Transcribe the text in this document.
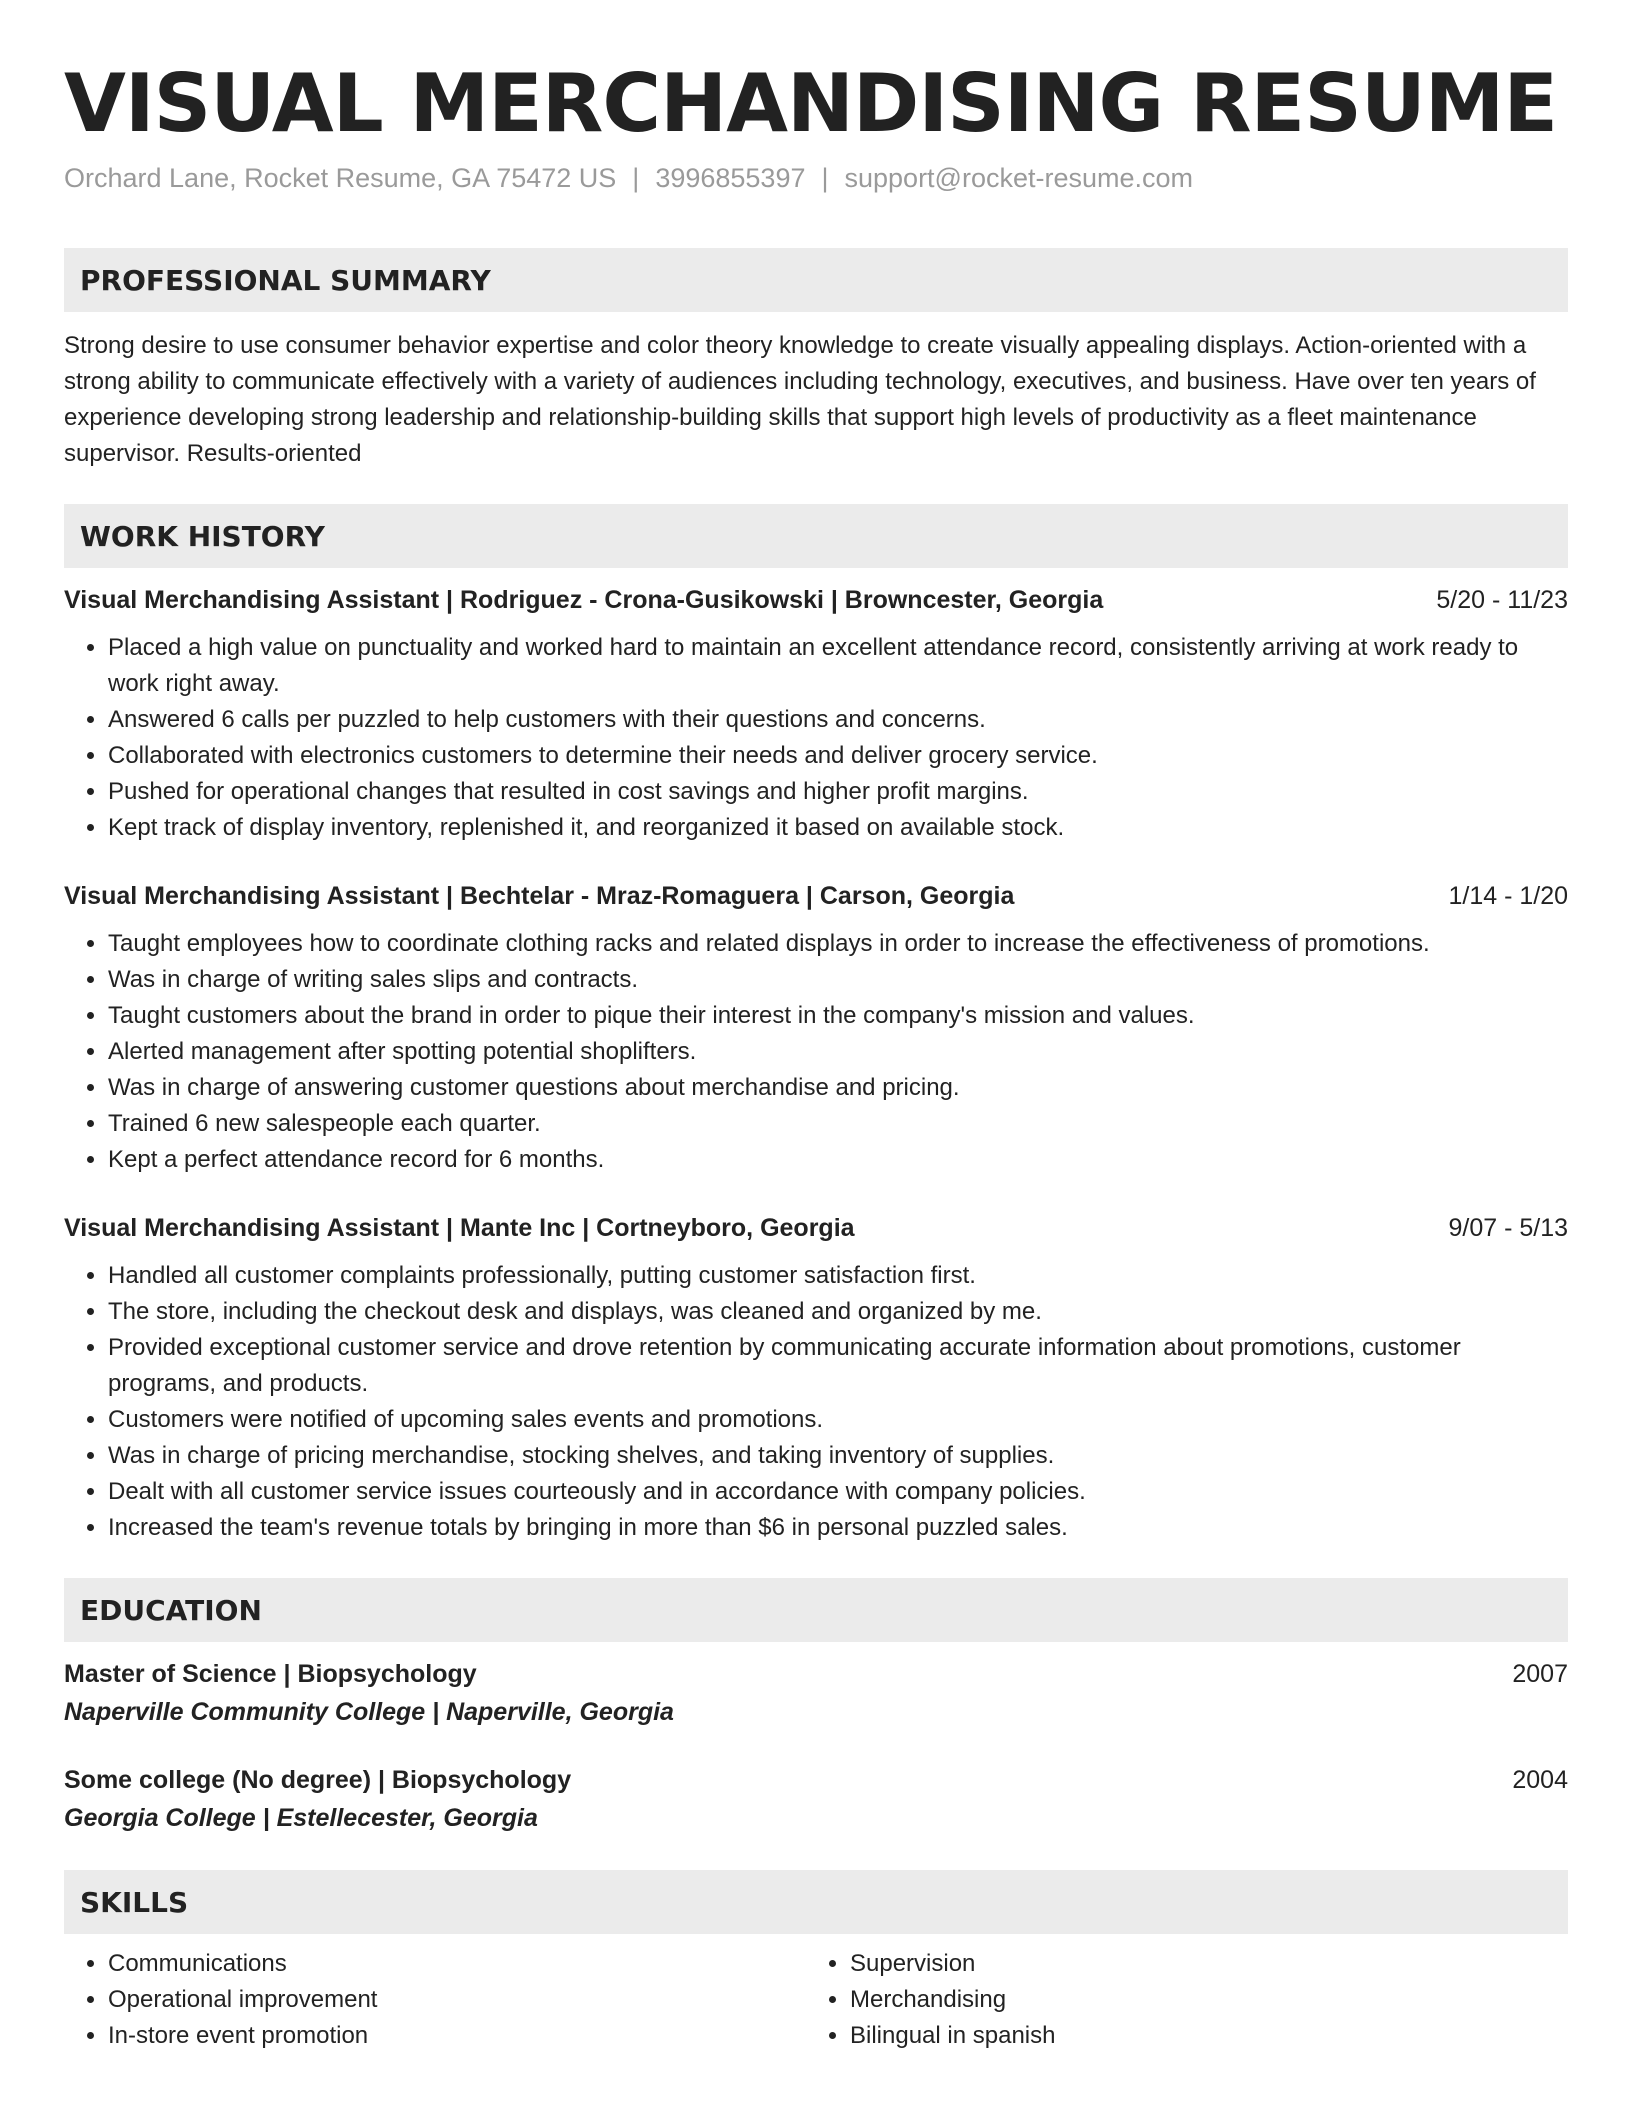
VISUAL MERCHANDISING RESUME
Orchard Lane, Rocket Resume, GA 75472 US | 3996855397 | support@rocket-resume.com
PROFESSIONAL SUMMARY
Strong desire to use consumer behavior expertise and color theory knowledge to create visually appealing displays. Action-oriented with a strong ability to communicate effectively with a variety of audiences including technology, executives, and business. Have over ten years of experience developing strong leadership and relationship-building skills that support high levels of productivity as a fleet maintenance supervisor. Results-oriented
WORK HISTORY
Visual Merchandising Assistant | Rodriguez - Crona-Gusikowski | Browncester, Georgia	5/20 - 11/23
• Placed a high value on punctuality and worked hard to maintain an excellent attendance record, consistently arriving at work ready to work right away.
• Answered 6 calls per puzzled to help customers with their questions and concerns.
• Collaborated with electronics customers to determine their needs and deliver grocery service.
• Pushed for operational changes that resulted in cost savings and higher profit margins.
• Kept track of display inventory, replenished it, and reorganized it based on available stock.
Visual Merchandising Assistant | Bechtelar - Mraz-Romaguera | Carson, Georgia	1/14 - 1/20
• Taught employees how to coordinate clothing racks and related displays in order to increase the effectiveness of promotions.
• Was in charge of writing sales slips and contracts.
• Taught customers about the brand in order to pique their interest in the company's mission and values.
• Alerted management after spotting potential shoplifters.
• Was in charge of answering customer questions about merchandise and pricing.
• Trained 6 new salespeople each quarter.
• Kept a perfect attendance record for 6 months.
Visual Merchandising Assistant | Mante Inc | Cortneyboro, Georgia	9/07 - 5/13
• Handled all customer complaints professionally, putting customer satisfaction first.
• The store, including the checkout desk and displays, was cleaned and organized by me.
• Provided exceptional customer service and drove retention by communicating accurate information about promotions, customer programs, and products.
• Customers were notified of upcoming sales events and promotions.
• Was in charge of pricing merchandise, stocking shelves, and taking inventory of supplies.
• Dealt with all customer service issues courteously and in accordance with company policies.
• Increased the team's revenue totals by bringing in more than $6 in personal puzzled sales.
EDUCATION
Master of Science | Biopsychology	2007
Naperville Community College | Naperville, Georgia
Some college (No degree) | Biopsychology	2004
Georgia College | Estellecester, Georgia
SKILLS
• Communications
• Operational improvement
• In-store event promotion
• Supervision
• Merchandising
• Bilingual in spanish
